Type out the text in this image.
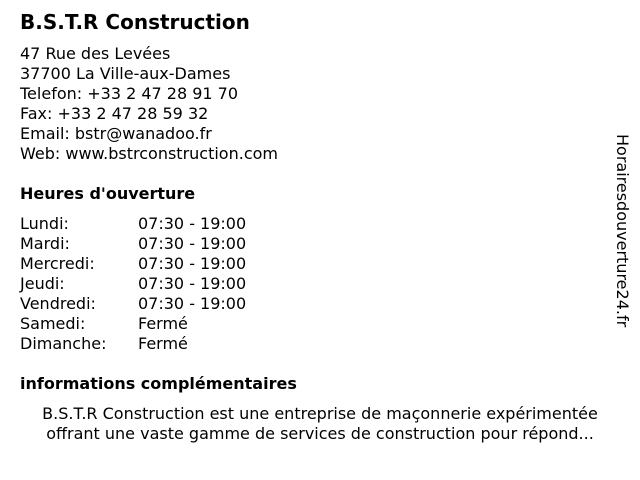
B.S.T.R Construction
47 Rue des Levées
37700 La Ville-aux-Dames
Telefon: +33 2 47 28 91 70
Fax: +33 2 47 28 59 32
Email: bstr@wanadoo.fr
Web: www.bstrconstruction.com
Heures d'ouverture
Lundi:	07:30 - 19:00
Mardi:	07:30 - 19:00
Mercredi:	07:30 - 19:00
Jeudi:	07:30 - 19:00
Vendredi:	07:30 - 19:00
Samedi:	Fermé
Dimanche: Fermé
informations complémentaires
B.S.T.R Construction est une entreprise de maçonnerie expérimentée
offrant une vaste gamme de services de construction pour répond...
Horairesdouverture24.fr
